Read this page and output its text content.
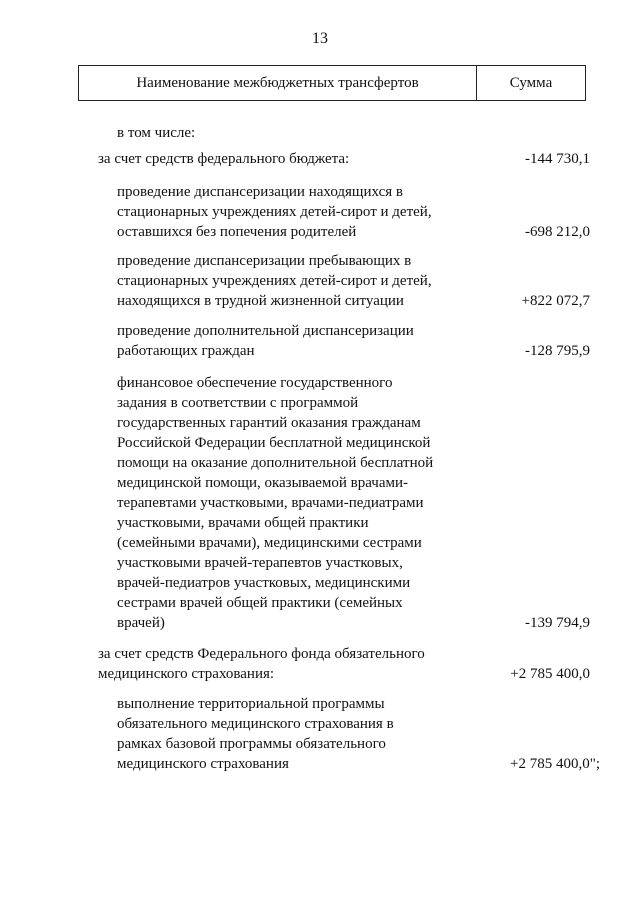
13
Наименование межбюджетных трансфертов	Сумма
в том числе:
за счет средств федерального бюджета:	-144 730,1
проведение диспансеризации находящихся в
стационарных учреждениях детей-сирот и детей,
оставшихся без попечения родителей	-698 212,0
проведение диспансеризации пребывающих в
стационарных учреждениях детей-сирот и детей,
находящихся в трудной жизненной ситуации	+822 072,7
проведение дополнительной диспансеризации
работающих граждан	-128 795,9
финансовое обеспечение государственного
задания в соответствии с программой
государственных гарантий оказания гражданам
Российской Федерации бесплатной медицинской
помощи на оказание дополнительной бесплатной
медицинской помощи, оказываемой врачами-
терапевтами участковыми, врачами-педиатрами
участковыми, врачами общей практики
(семейными врачами), медицинскими сестрами
участковыми врачей-терапевтов участковых,
врачей-педиатров участковых, медицинскими
сестрами врачей общей практики (семейных
врачей)	-139 794,9
за счет средств Федерального фонда обязательного
медицинского страхования:	+2 785 400,0
выполнение территориальной программы
обязательного медицинского страхования в
рамках базовой программы обязательного
медицинского страхования	+2 785 400,0";
